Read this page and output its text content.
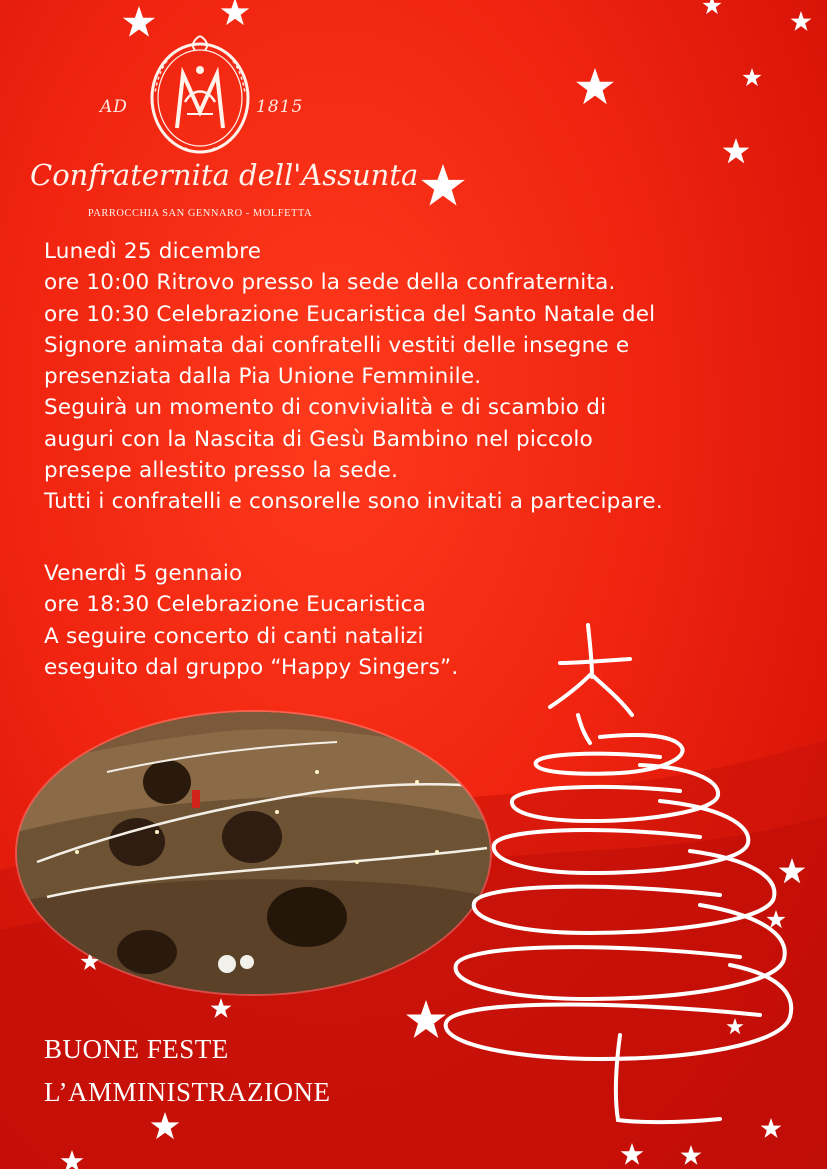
AD	1815
Confraternita dell'Assunta
PARROCCHIA SAN GENNARO - MOLFETTA
Lunedì 25 dicembre
ore 10:00 Ritrovo presso la sede della confraternita.
ore 10:30 Celebrazione Eucaristica del Santo Natale del
Signore animata dai confratelli vestiti delle insegne e
presenziata dalla Pia Unione Femminile.
Seguirà un momento di convivialità e di scambio di
auguri con la Nascita di Gesù Bambino nel piccolo
presepe allestito presso la sede.
Tutti i confratelli e consorelle sono invitati a partecipare.
Venerdì 5 gennaio
ore 18:30 Celebrazione Eucaristica
A seguire concerto di canti natalizi
eseguito dal gruppo “Happy Singers”.
BUONE FESTE
L’AMMINISTRAZIONE
